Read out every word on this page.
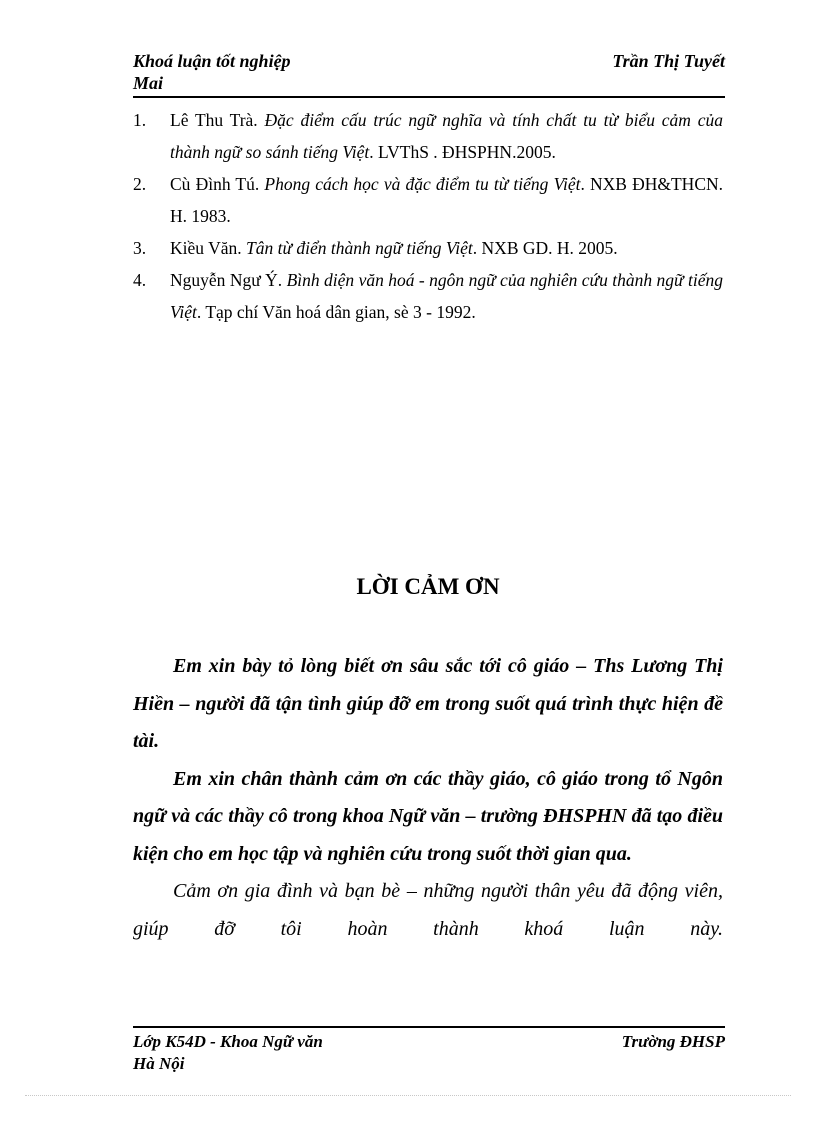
Khoá luận tốt nghiệp	Trần Thị Tuyết
Mai
1. Lê Thu Trà. Đặc điểm cấu trúc ngữ nghĩa và tính chất tu từ biểu cảm của thành ngữ so sánh tiếng Việt. LVThS . ĐHSPHN.2005.
2. Cù Đình Tú. Phong cách học và đặc điểm tu từ tiếng Việt. NXB ĐH&THCN. H. 1983.
3. Kiều Văn. Tân từ điển thành ngữ tiếng Việt. NXB GD. H. 2005.
4. Nguyễn Ngư Ý. Bình diện văn hoá - ngôn ngữ của nghiên cứu thành ngữ tiếng Việt. Tạp chí Văn hoá dân gian, sè 3 - 1992.
LỜI CẢM ƠN

Em xin bày tỏ lòng biết ơn sâu sắc tới cô giáo – Ths Lương Thị Hiền – người đã tận tình giúp đỡ em trong suốt quá trình thực hiện đề tài.

Em xin chân thành cảm ơn các thầy giáo, cô giáo trong tổ Ngôn ngữ và các thầy cô trong khoa Ngữ văn – trường ĐHSPHN đã tạo điều kiện cho em học tập và nghiên cứu trong suốt thời gian qua.

Cảm ơn gia đình và bạn bè – những người thân yêu đã động viên, giúp đỡ tôi hoàn thành khoá luận này.

Lớp K54D - Khoa Ngữ văn	Trường ĐHSP
Hà Nội
